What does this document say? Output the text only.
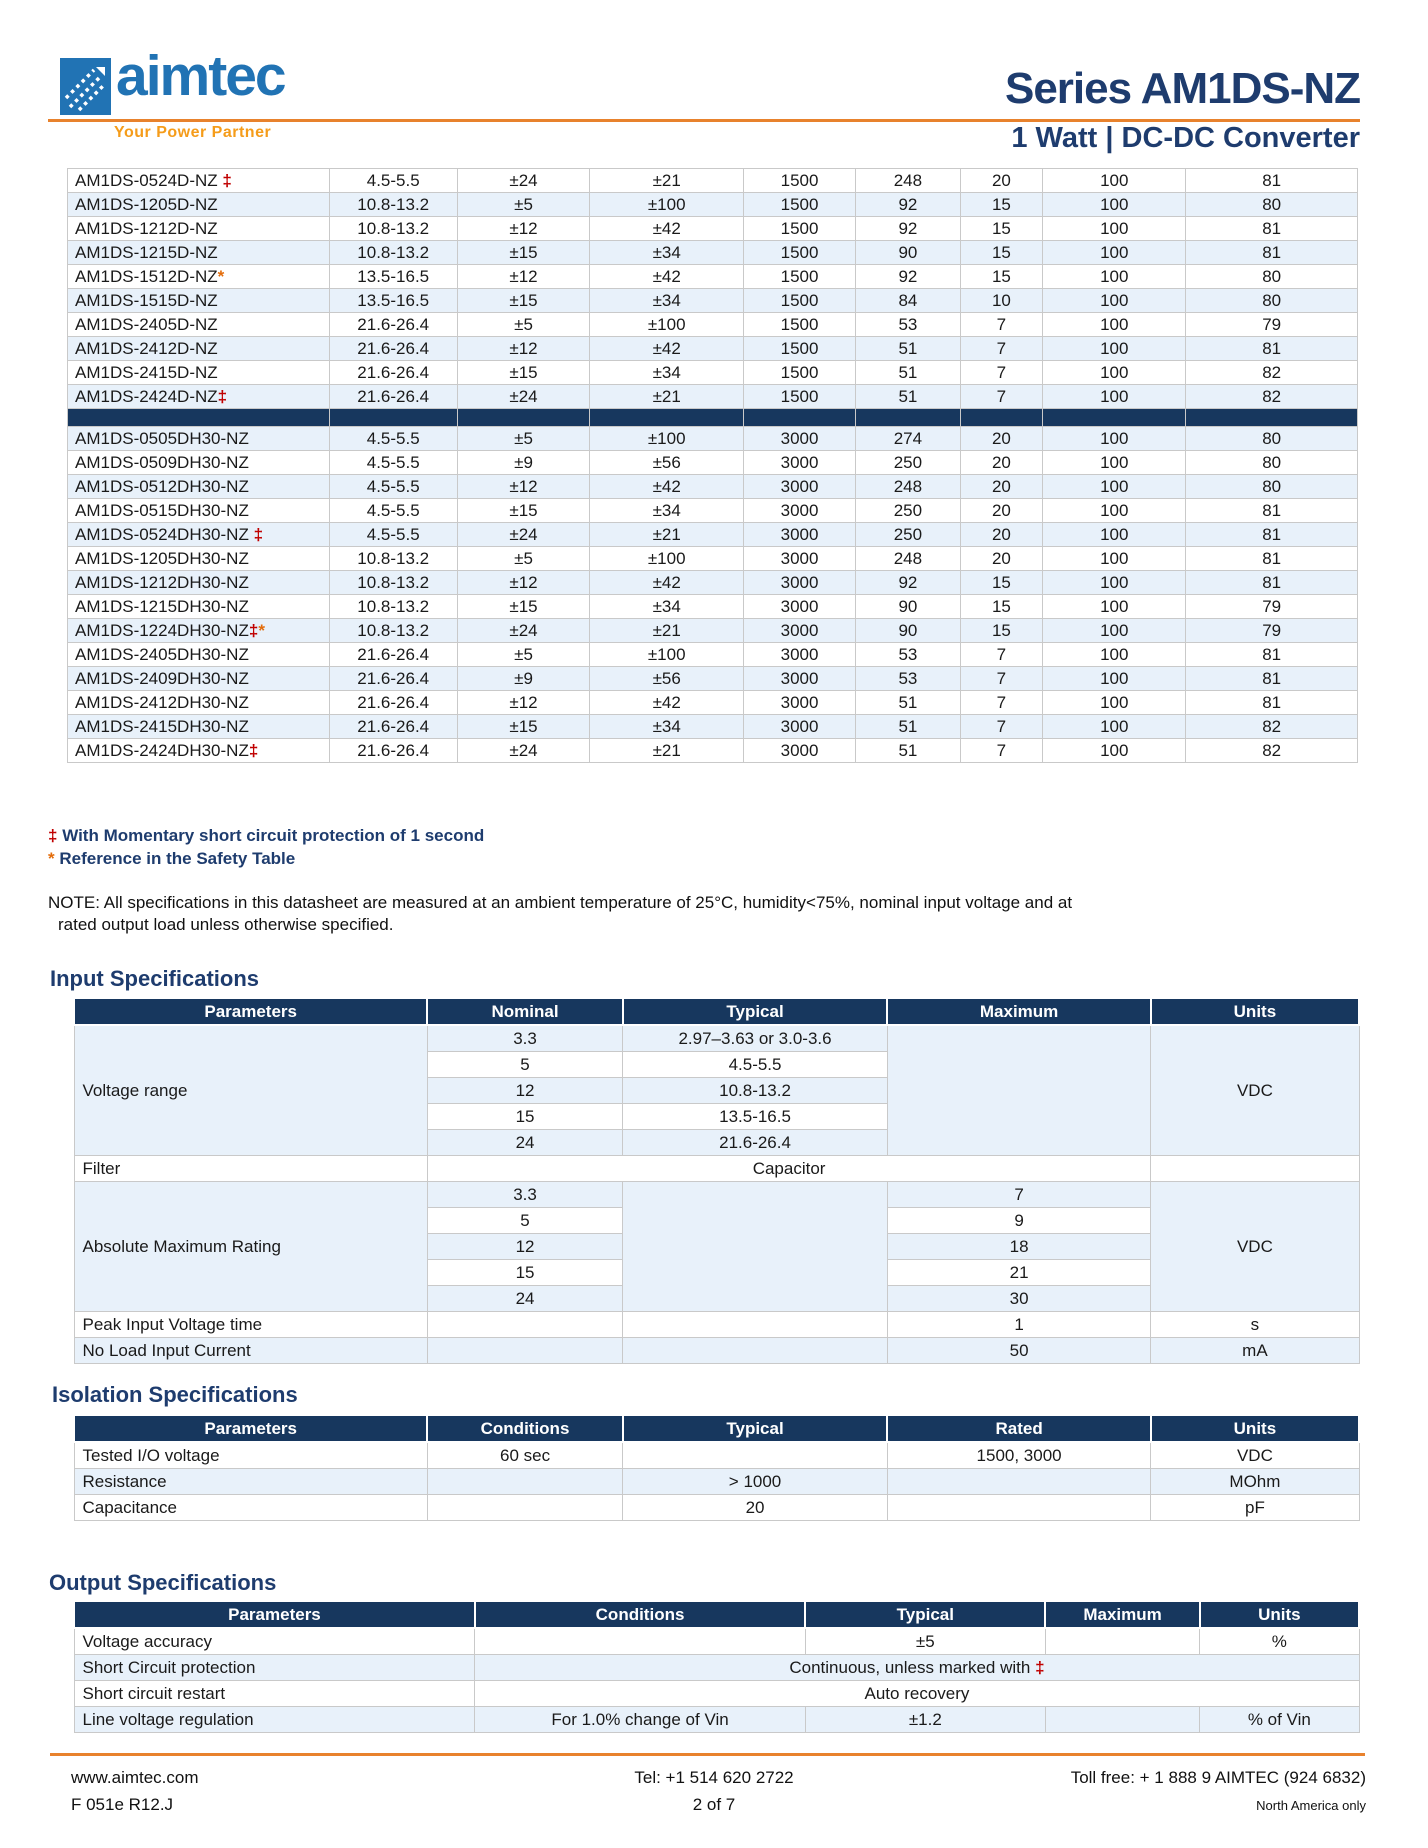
aimtec
Your Power Partner
Series AM1DS-NZ
1 Watt | DC-DC Converter
AM1DS-0524D-NZ ‡	4.5-5.5	±24	±21	1500	248	20	100	81
AM1DS-1205D-NZ	10.8-13.2	±5	±100	1500	92	15	100	80
AM1DS-1212D-NZ	10.8-13.2	±12	±42	1500	92	15	100	81
AM1DS-1215D-NZ	10.8-13.2	±15	±34	1500	90	15	100	81
AM1DS-1512D-NZ*	13.5-16.5	±12	±42	1500	92	15	100	80
AM1DS-1515D-NZ	13.5-16.5	±15	±34	1500	84	10	100	80
AM1DS-2405D-NZ	21.6-26.4	±5	±100	1500	53	7	100	79
AM1DS-2412D-NZ	21.6-26.4	±12	±42	1500	51	7	100	81
AM1DS-2415D-NZ	21.6-26.4	±15	±34	1500	51	7	100	82
AM1DS-2424D-NZ‡	21.6-26.4	±24	±21	1500	51	7	100	82

AM1DS-0505DH30-NZ	4.5-5.5	±5	±100	3000	274	20	100	80
AM1DS-0509DH30-NZ	4.5-5.5	±9	±56	3000	250	20	100	80
AM1DS-0512DH30-NZ	4.5-5.5	±12	±42	3000	248	20	100	80
AM1DS-0515DH30-NZ	4.5-5.5	±15	±34	3000	250	20	100	81
AM1DS-0524DH30-NZ ‡	4.5-5.5	±24	±21	3000	250	20	100	81
AM1DS-1205DH30-NZ	10.8-13.2	±5	±100	3000	248	20	100	81
AM1DS-1212DH30-NZ	10.8-13.2	±12	±42	3000	92	15	100	81
AM1DS-1215DH30-NZ	10.8-13.2	±15	±34	3000	90	15	100	79
AM1DS-1224DH30-NZ‡*	10.8-13.2	±24	±21	3000	90	15	100	79
AM1DS-2405DH30-NZ	21.6-26.4	±5	±100	3000	53	7	100	81
AM1DS-2409DH30-NZ	21.6-26.4	±9	±56	3000	53	7	100	81
AM1DS-2412DH30-NZ	21.6-26.4	±12	±42	3000	51	7	100	81
AM1DS-2415DH30-NZ	21.6-26.4	±15	±34	3000	51	7	100	82
AM1DS-2424DH30-NZ‡	21.6-26.4	±24	±21	3000	51	7	100	82
‡ With Momentary short circuit protection of 1 second
* Reference in the Safety Table
NOTE: All specifications in this datasheet are measured at an ambient temperature of 25°C, humidity<75%, nominal input voltage and at
rated output load unless otherwise specified.
Input Specifications
Parameters	Nominal	Typical	Maximum	Units
Voltage range	3.3	2.97–3.63 or 3.0-3.6		VDC
	5	4.5-5.5		
	12	10.8-13.2		
	15	13.5-16.5		
	24	21.6-26.4		
Filter	Capacitor			
Absolute Maximum Rating	3.3		7	VDC
	5		9	
	12		18	
	15		21	
	24		30	
Peak Input Voltage time			1	s
No Load Input Current			50	mA
Isolation Specifications
Parameters	Conditions	Typical	Rated	Units
Tested I/O voltage	60 sec		1500, 3000	VDC
Resistance		> 1000		MOhm
Capacitance		20		pF
Output Specifications
Parameters	Conditions	Typical	Maximum	Units
Voltage accuracy		±5		%
Short Circuit protection	Continuous, unless marked with ‡			
Short circuit restart	Auto recovery			
Line voltage regulation	For 1.0% change of Vin	±1.2		% of Vin
www.aimtec.com
F 051e R12.J
Tel: +1 514 620 2722
2 of 7
Toll free: + 1 888 9 AIMTEC (924 6832)
North America only
